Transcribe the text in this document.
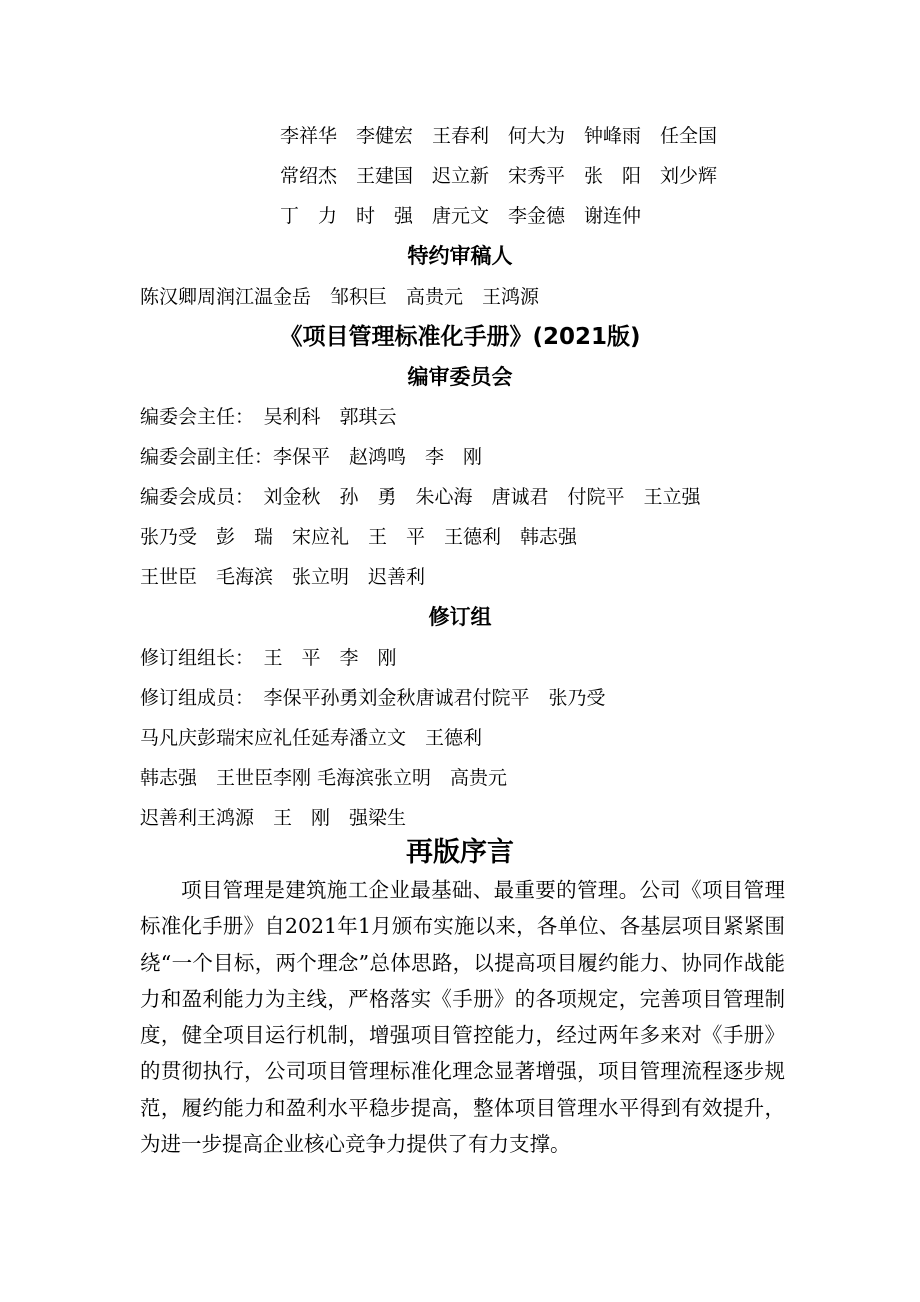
李祥华　李健宏　王春利　何大为　钟峰雨　任全国
常绍杰　王建国　迟立新　宋秀平　张　阳　刘少辉
丁　力　时　强　唐元文　李金德　谢连仲
特约审稿人
陈汉卿周润江温金岳　邹积巨　高贵元　王鸿源
《项目管理标准化手册》(2021版)
编审委员会
编委会主任：　吴利科　郭琪云
编委会副主任：李保平　赵鸿鸣　李　刚
编委会成员：　刘金秋　孙　勇　朱心海　唐诚君　付院平　王立强
张乃受　彭　瑞　宋应礼　王　平　王德利　韩志强
王世臣　毛海滨　张立明　迟善利
修订组
修订组组长：　王　平　李　刚
修订组成员：　李保平孙勇刘金秋唐诚君付院平　张乃受
马凡庆彭瑞宋应礼任延寿潘立文　王德利
韩志强　王世臣李刚 毛海滨张立明　高贵元
迟善利王鸿源　王　刚　强梁生
再版序言
项目管理是建筑施工企业最基础、最重要的管理。公司《项目管理标准化手册》自2021年1月颁布实施以来，各单位、各基层项目紧紧围绕“一个目标，两个理念”总体思路，以提高项目履约能力、协同作战能力和盈利能力为主线，严格落实《手册》的各项规定，完善项目管理制度，健全项目运行机制，增强项目管控能力，经过两年多来对《手册》的贯彻执行，公司项目管理标准化理念显著增强，项目管理流程逐步规范，履约能力和盈利水平稳步提高，整体项目管理水平得到有效提升，为进一步提高企业核心竞争力提供了有力支撑。
